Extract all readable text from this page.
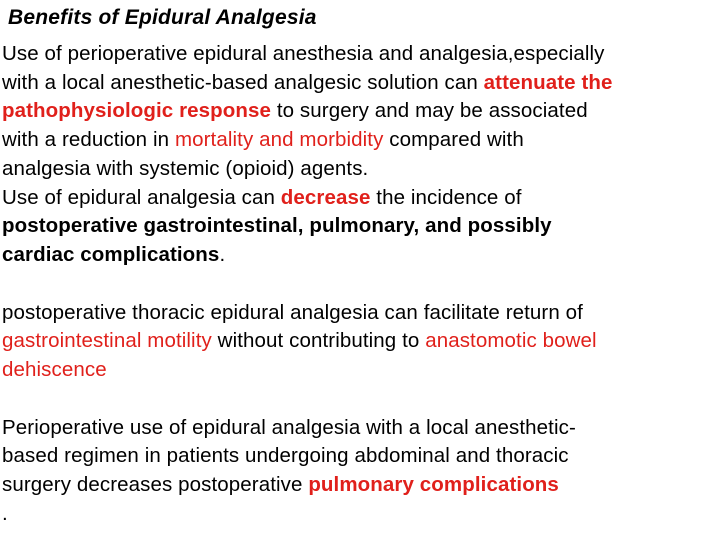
Benefits of Epidural Analgesia
Use of perioperative epidural anesthesia and analgesia,especially
with a local anesthetic-based analgesic solution can attenuate the
pathophysiologic response to surgery and may be associated
with a reduction in mortality and morbidity compared with
analgesia with systemic (opioid) agents.
Use of epidural analgesia can decrease the incidence of
postoperative gastrointestinal, pulmonary, and possibly
cardiac complications.
postoperative thoracic epidural analgesia can facilitate return of
gastrointestinal motility without contributing to anastomotic bowel
dehiscence
Perioperative use of epidural analgesia with a local anesthetic-
based regimen in patients undergoing abdominal and thoracic
surgery decreases postoperative pulmonary complications
.
